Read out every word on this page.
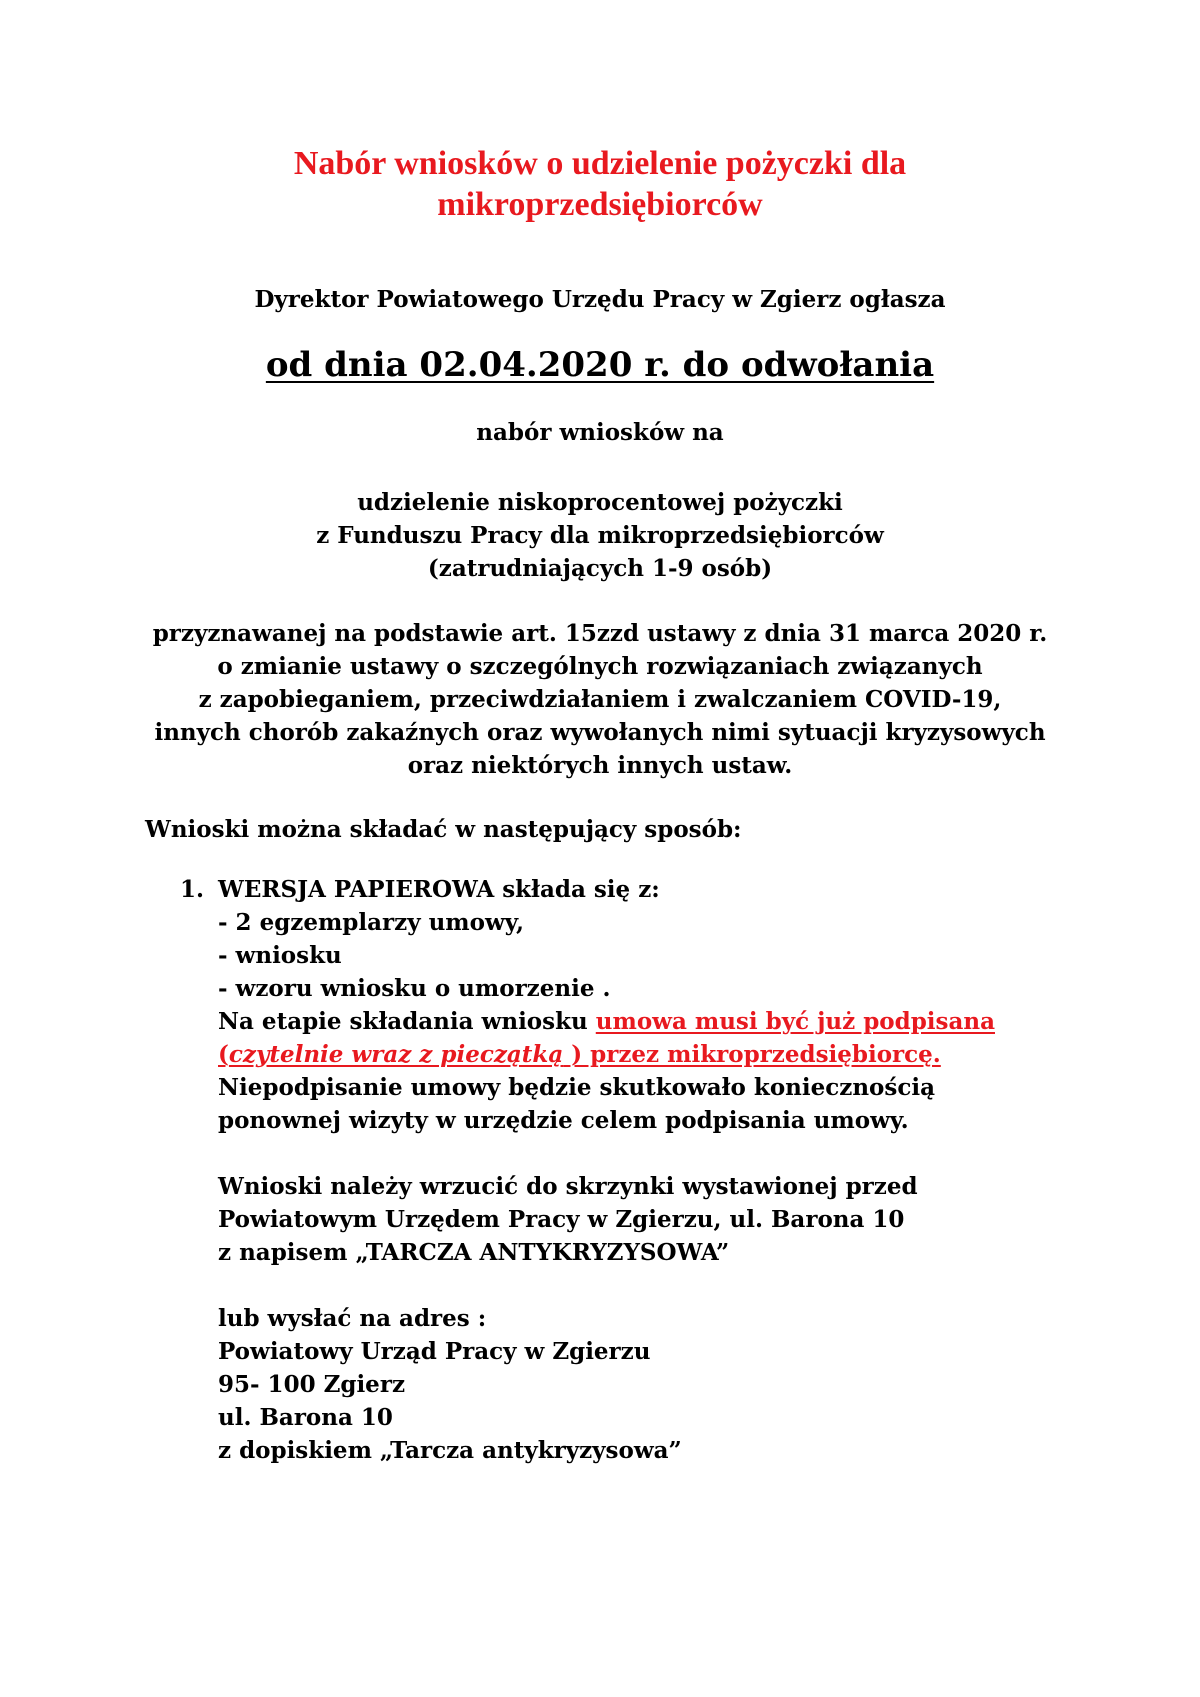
Nabór wniosków o udzielenie pożyczki dla
mikroprzedsiębiorców
Dyrektor Powiatowego Urzędu Pracy w Zgierz ogłasza
od dnia 02.04.2020 r. do odwołania
nabór wniosków na
udzielenie niskoprocentowej pożyczki
z Funduszu Pracy dla mikroprzedsiębiorców
(zatrudniających 1-9 osób)
przyznawanej na podstawie art. 15zzd ustawy z dnia 31 marca 2020 r.
o zmianie ustawy o szczególnych rozwiązaniach związanych
z zapobieganiem, przeciwdziałaniem i zwalczaniem COVID-19,
innych chorób zakaźnych oraz wywołanych nimi sytuacji kryzysowych
oraz niektórych innych ustaw.
Wnioski można składać w następujący sposób:
1. WERSJA PAPIEROWA składa się z:
- 2 egzemplarzy umowy,
- wniosku
- wzoru wniosku o umorzenie .
Na etapie składania wniosku umowa musi być już podpisana
(czytelnie wraz z pieczątką ) przez mikroprzedsiębiorcę.
Niepodpisanie umowy będzie skutkowało koniecznością
ponownej wizyty w urzędzie celem podpisania umowy.
Wnioski należy wrzucić do skrzynki wystawionej przed
Powiatowym Urzędem Pracy w Zgierzu, ul. Barona 10
z napisem „TARCZA ANTYKRYZYSOWA”
lub wysłać na adres :
Powiatowy Urząd Pracy w Zgierzu
95- 100 Zgierz
ul. Barona 10
z dopiskiem „Tarcza antykryzysowa”
